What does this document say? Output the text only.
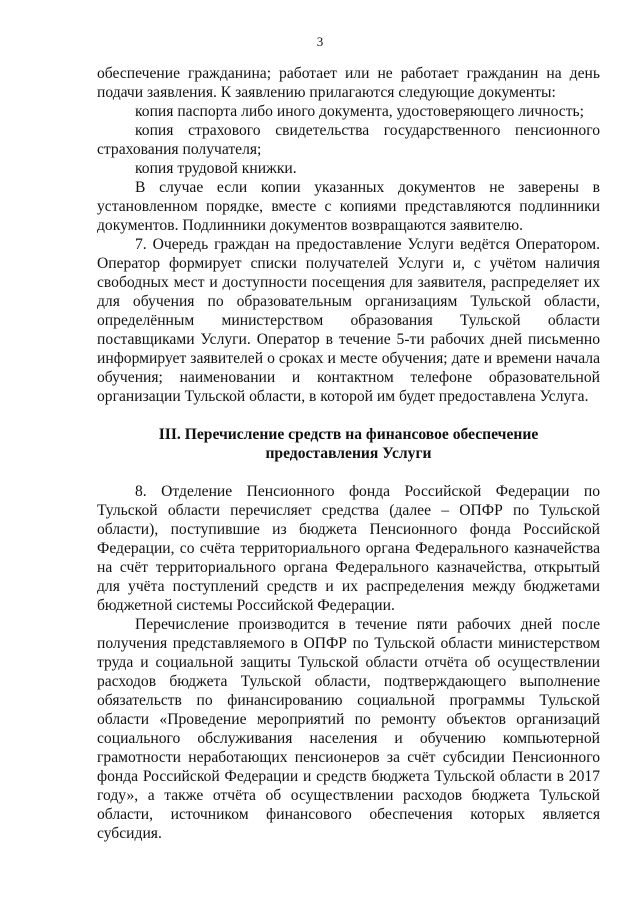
3

обеспечение гражданина; работает или не работает гражданин на день подачи заявления. К заявлению прилагаются следующие документы:

копия паспорта либо иного документа, удостоверяющего личность;

копия страхового свидетельства государственного пенсионного страхования получателя;

копия трудовой книжки.

В случае если копии указанных документов не заверены в установленном порядке, вместе с копиями представляются подлинники документов. Подлинники документов возвращаются заявителю.

7. Очередь граждан на предоставление Услуги ведётся Оператором. Оператор формирует списки получателей Услуги и, с учётом наличия свободных мест и доступности посещения для заявителя, распределяет их для обучения по образовательным организациям Тульской области, определённым министерством образования Тульской области поставщиками Услуги. Оператор в течение 5-ти рабочих дней письменно информирует заявителей о сроках и месте обучения; дате и времени начала обучения; наименовании и контактном телефоне образовательной организации Тульской области, в которой им будет предоставлена Услуга.

III. Перечисление средств на финансовое обеспечение предоставления Услуги

8. Отделение Пенсионного фонда Российской Федерации по Тульской области перечисляет средства (далее – ОПФР по Тульской области), поступившие из бюджета Пенсионного фонда Российской Федерации, со счёта территориального органа Федерального казначейства на счёт территориального органа Федерального казначейства, открытый для учёта поступлений средств и их распределения между бюджетами бюджетной системы Российской Федерации.

Перечисление производится в течение пяти рабочих дней после получения представляемого в ОПФР по Тульской области министерством труда и социальной защиты Тульской области отчёта об осуществлении расходов бюджета Тульской области, подтверждающего выполнение обязательств по финансированию социальной программы Тульской области «Проведение мероприятий по ремонту объектов организаций социального обслуживания населения и обучению компьютерной грамотности неработающих пенсионеров за счёт субсидии Пенсионного фонда Российской Федерации и средств бюджета Тульской области в 2017 году», а также отчёта об осуществлении расходов бюджета Тульской области, источником финансового обеспечения которых является субсидия.
